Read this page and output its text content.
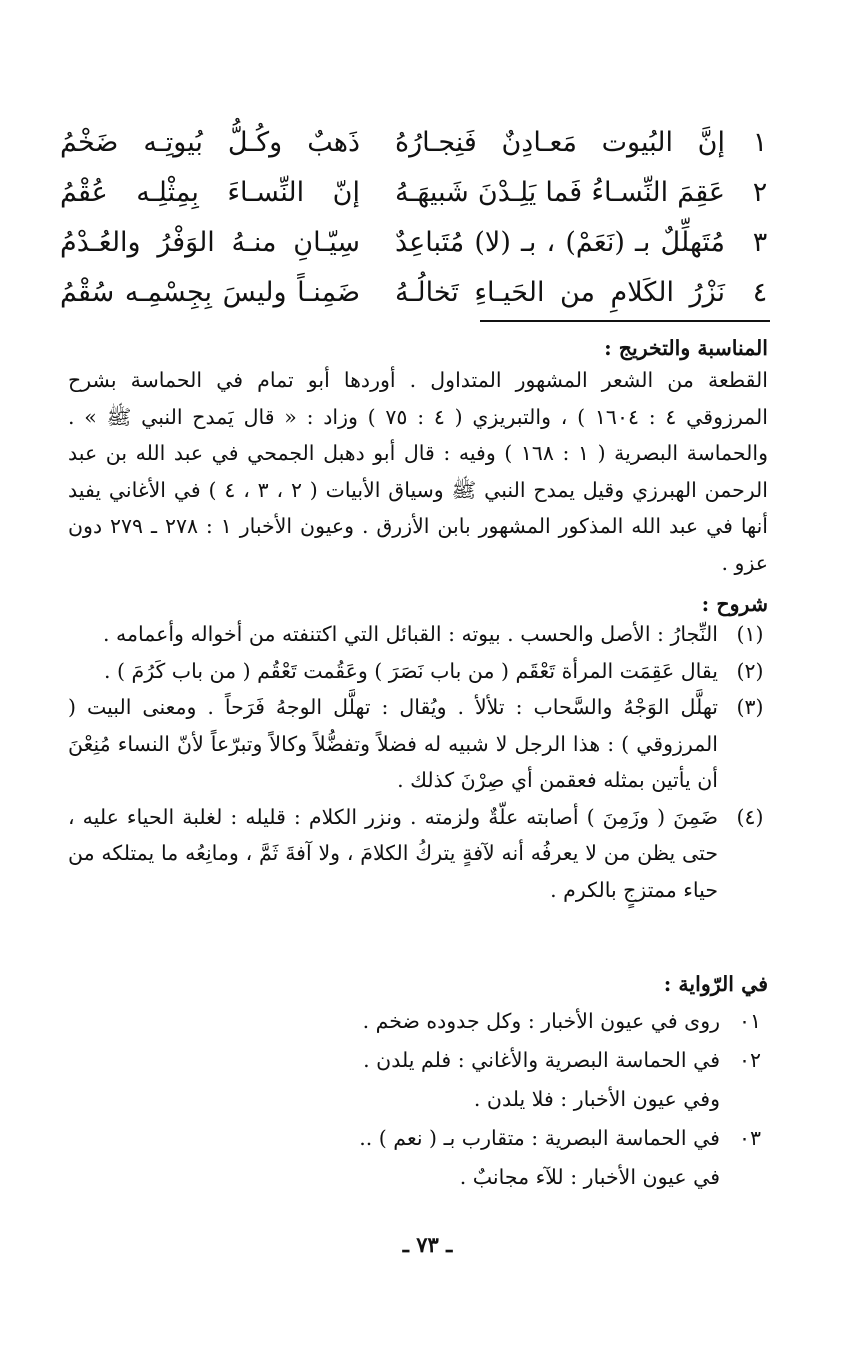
١
إنَّ البُيوت مَعـادِنٌ فَنِجـارُهُ
ذَهبٌ وكُـلُّ بُيوتِـه ضَخْمُ
٢
عَقِمَ النِّسـاءُ فَما يَلِـدْنَ شَبيهَـهُ
إنّ النِّسـاءَ بِمِثْلِـه عُقْمُ
٣
مُتَهلِّلٌ بـ (نَعَمْ) ، بـ (لا) مُتَباعِدٌ
سِيّـانِ منـهُ الوَفْرُ والعُـدْمُ
٤
نَزْرُ الكَلامِ من الحَيـاءِ تَخالُـهُ
ضَمِنـاً وليسَ بِجِسْمِـه سُقْمُ
المناسبة والتخريج :
القطعة من الشعر المشهور المتداول . أوردها أبو تمام في الحماسة بشرح المرزوقي ٤ : ١٦٠٤ ) ، والتبريزي ( ٤ : ٧٥ ) وزاد : « قال يَمدح النبي ﷺ » . والحماسة البصرية ( ١ : ١٦٨ ) وفيه : قال أبو دهبل الجمحي في عبد الله بن عبد الرحمن الهبرزي وقيل يمدح النبي ﷺ وسياق الأبيات ( ٢ ، ٣ ، ٤ ) في الأغاني يفيد أنها في عبد الله المذكور المشهور بابن الأزرق . وعيون الأخبار ١ : ٢٧٨ ـ ٢٧٩ دون عزو .
شروح :
(١)
النِّجارُ : الأصل والحسب . بيوته : القبائل التي اكتنفته من أخواله وأعمامه .
(٢)
يقال عَقِمَت المرأة تَعْقَم ( من باب نَصَرَ ) وعَقُمت تَعْقُم ( من باب كَرُمَ ) .
(٣)
تهلَّل الوَجْهُ والسَّحاب : تلألأ . ويُقال : تهلَّل الوجهُ فَرَحاً . ومعنى البيت ( المرزوقي ) : هذا الرجل لا شبيه له فضلاً وتفضُّلاً وكالاً وتبرّعاً لأنّ النساء مُنِعْنَ أن يأتين بمثله فعقمن أي صِرْنَ كذلك .
(٤)
ضَمِنَ ( وزَمِنَ ) أصابته علّةٌ ولزمته . ونزر الكلام : قليله : لغلبة الحياء عليه ، حتى يظن من لا يعرفُه أنه لآفةٍ يتركُ الكلامَ ، ولا آفةَ ثَمَّ ، ومانِعُه ما يمتلكه من حياء ممتزجٍ بالكرم .
في الرّواية :
٠١
روى في عيون الأخبار : وكل جدوده ضخم .
٠٢
في الحماسة البصرية والأغاني : فلم يلدن .
وفي عيون الأخبار : فلا يلدن .
٠٣
في الحماسة البصرية : متقارب بـ ( نعم ) ..
في عيون الأخبار : للآء مجانبٌ .
ـ ٧٣ ـ
